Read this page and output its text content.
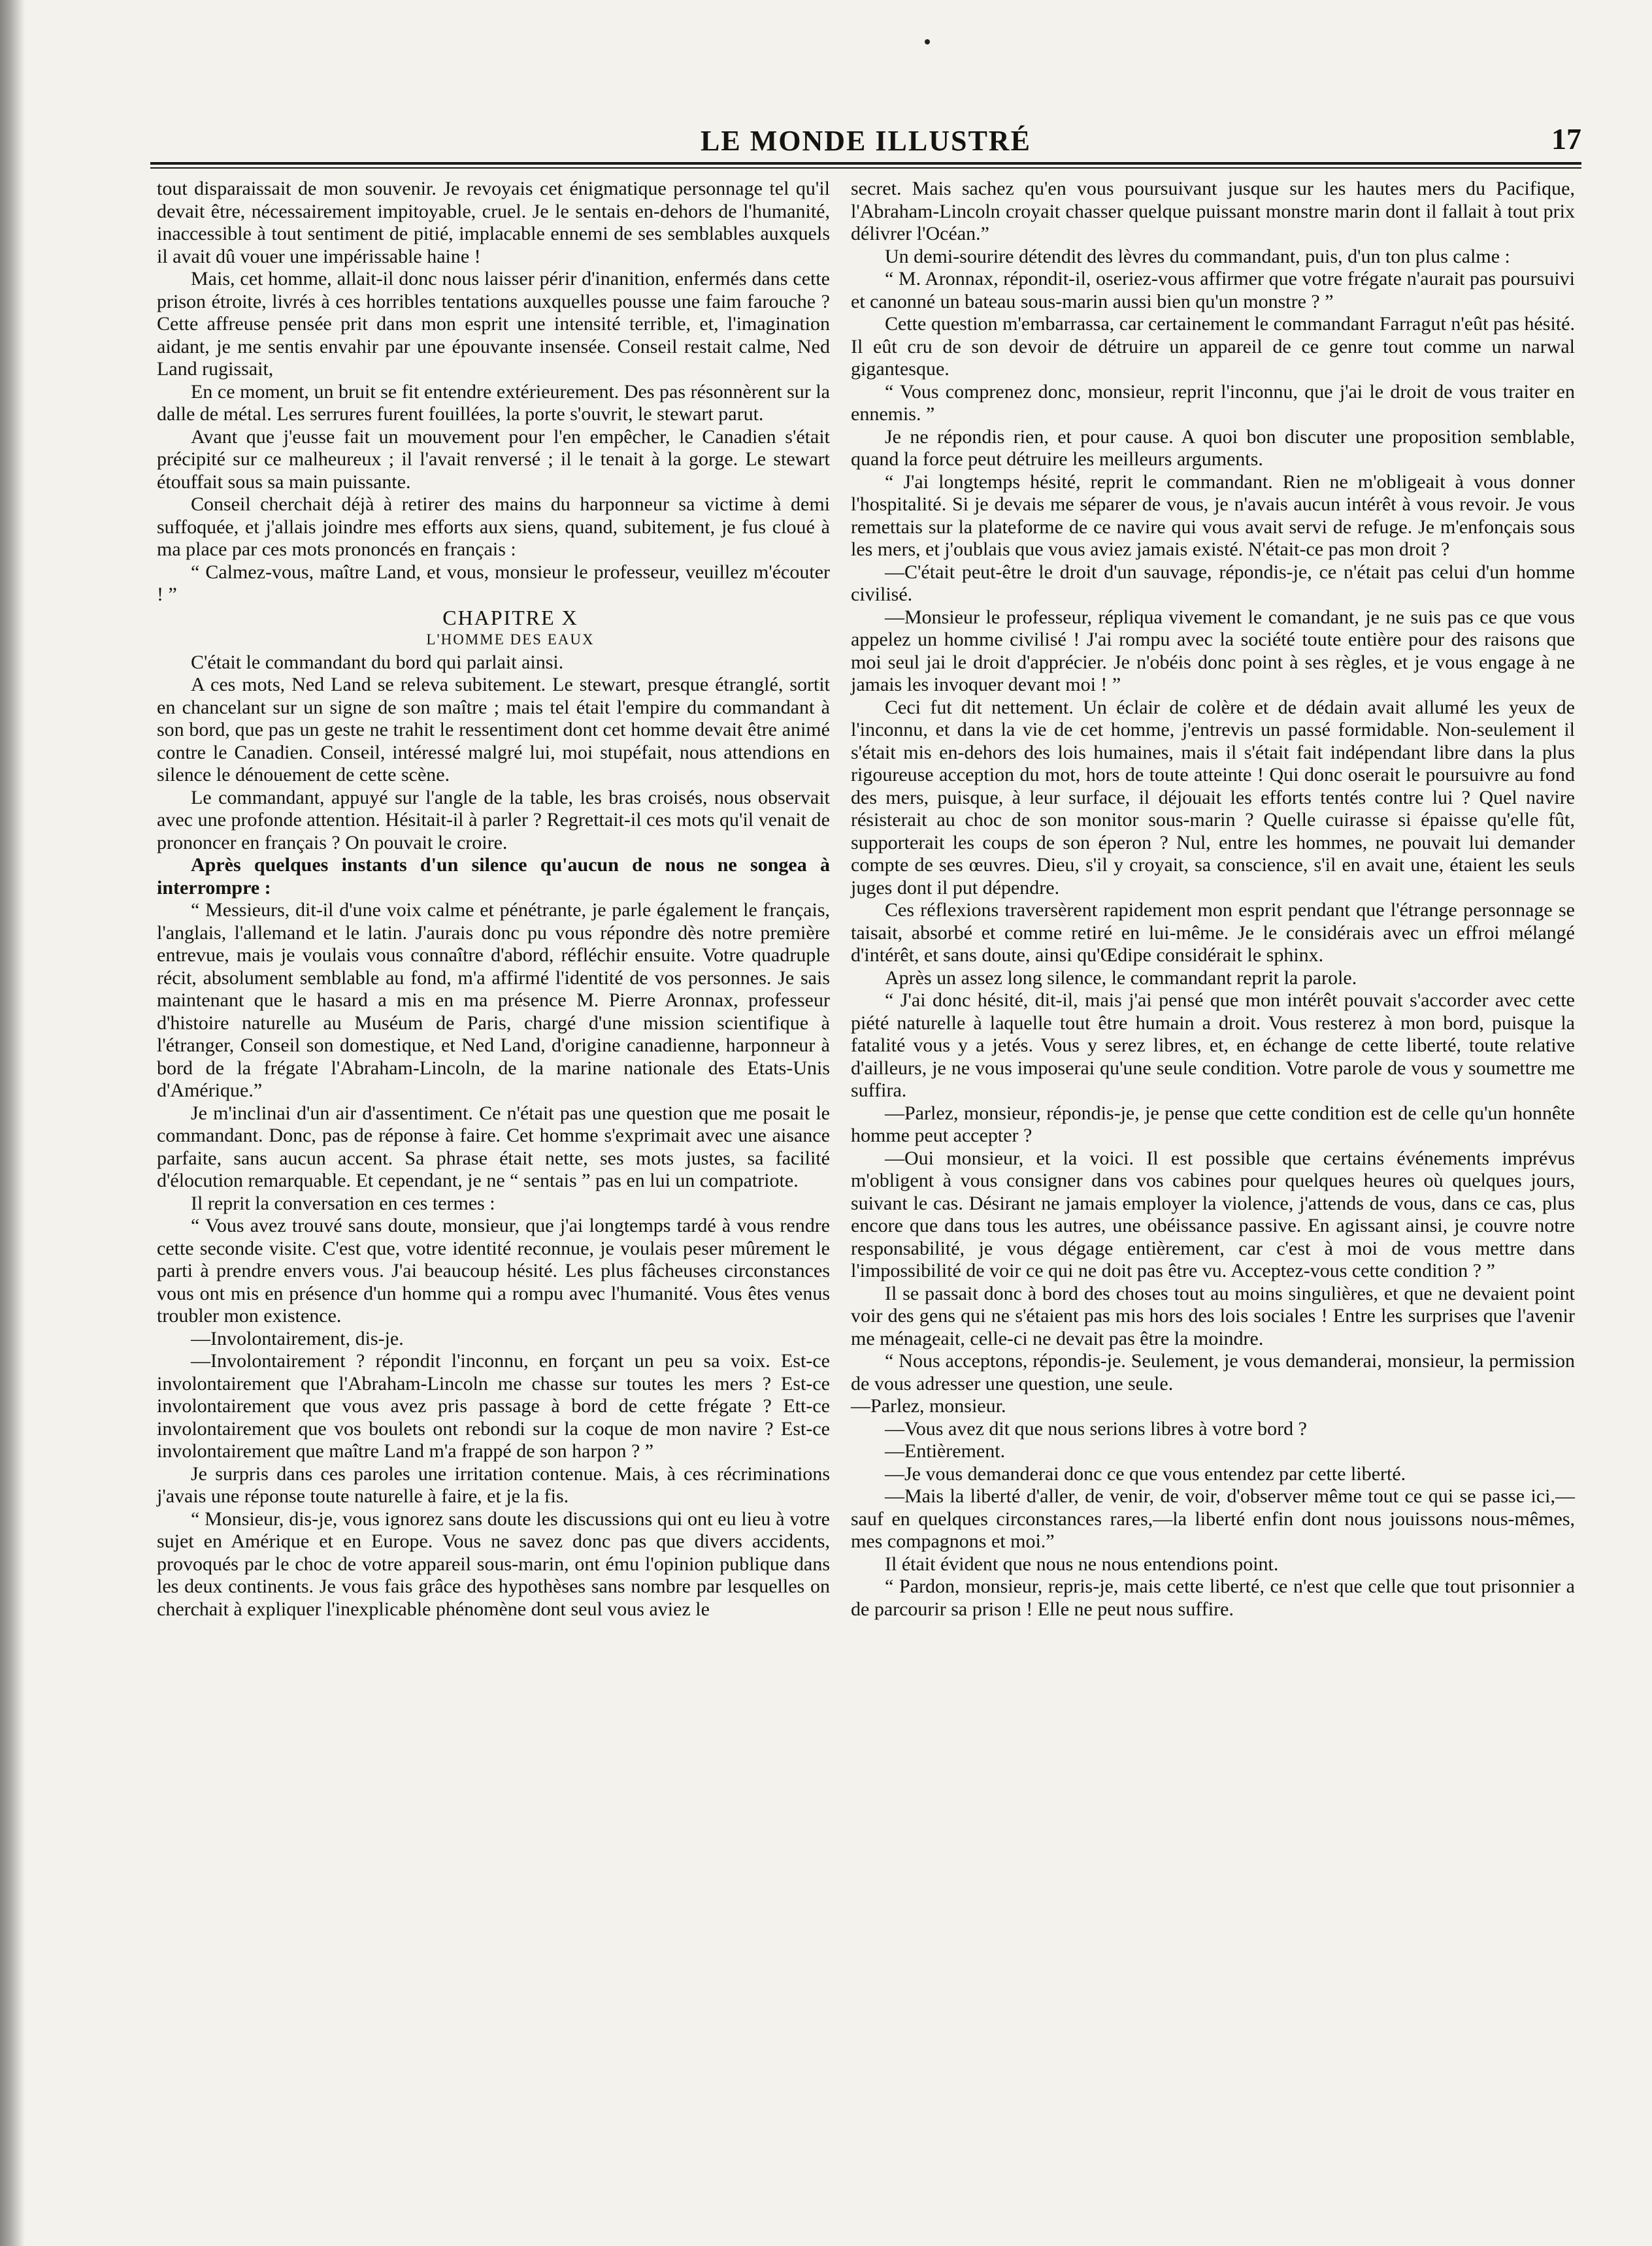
LE MONDE ILLUSTRÉ	17

tout disparaissait de mon souvenir. Je revoyais cet énigmatique personnage tel qu'il devait être, nécessairement impitoyable, cruel. Je le sentais en-dehors de l'humanité, inaccessible à tout sentiment de pitié, implacable ennemi de ses semblables auxquels il avait dû vouer une impérissable haine !

Mais, cet homme, allait-il donc nous laisser périr d'inanition, enfermés dans cette prison étroite, livrés à ces horribles tentations auxquelles pousse une faim farouche ? Cette affreuse pensée prit dans mon esprit une intensité terrible, et, l'imagination aidant, je me sentis envahir par une épouvante insensée. Conseil restait calme, Ned Land rugissait,

En ce moment, un bruit se fit entendre extérieurement. Des pas résonnèrent sur la dalle de métal. Les serrures furent fouillées, la porte s'ouvrit, le stewart parut.

Avant que j'eusse fait un mouvement pour l'en empêcher, le Canadien s'était précipité sur ce malheureux ; il l'avait renversé ; il le tenait à la gorge. Le stewart étouffait sous sa main puissante.

Conseil cherchait déjà à retirer des mains du harponneur sa victime à demi suffoquée, et j'allais joindre mes efforts aux siens, quand, subitement, je fus cloué à ma place par ces mots prononcés en français :

“ Calmez-vous, maître Land, et vous, monsieur le professeur, veuillez m'écouter ! ”

CHAPITRE X

L'HOMME DES EAUX

C'était le commandant du bord qui parlait ainsi.

A ces mots, Ned Land se releva subitement. Le stewart, presque étranglé, sortit en chancelant sur un signe de son maître ; mais tel était l'empire du commandant à son bord, que pas un geste ne trahit le ressentiment dont cet homme devait être animé contre le Canadien. Conseil, intéressé malgré lui, moi stupéfait, nous attendions en silence le dénouement de cette scène.

Le commandant, appuyé sur l'angle de la table, les bras croisés, nous observait avec une profonde attention. Hésitait-il à parler ? Regrettait-il ces mots qu'il venait de prononcer en français ? On pouvait le croire.

Après quelques instants d'un silence qu'aucun de nous ne songea à interrompre :

“ Messieurs, dit-il d'une voix calme et pénétrante, je parle également le français, l'anglais, l'allemand et le latin. J'aurais donc pu vous répondre dès notre première entrevue, mais je voulais vous connaître d'abord, réfléchir ensuite. Votre quadruple récit, absolument semblable au fond, m'a affirmé l'identité de vos personnes. Je sais maintenant que le hasard a mis en ma présence M. Pierre Aronnax, professeur d'histoire naturelle au Muséum de Paris, chargé d'une mission scientifique à l'étranger, Conseil son domestique, et Ned Land, d'origine canadienne, harponneur à bord de la frégate l'Abraham-Lincoln, de la marine nationale des Etats-Unis d'Amérique.”

Je m'inclinai d'un air d'assentiment. Ce n'était pas une question que me posait le commandant. Donc, pas de réponse à faire. Cet homme s'exprimait avec une aisance parfaite, sans aucun accent. Sa phrase était nette, ses mots justes, sa facilité d'élocution remarquable. Et cependant, je ne “ sentais ” pas en lui un compatriote.

Il reprit la conversation en ces termes :

“ Vous avez trouvé sans doute, monsieur, que j'ai longtemps tardé à vous rendre cette seconde visite. C'est que, votre identité reconnue, je voulais peser mûrement le parti à prendre envers vous. J'ai beaucoup hésité. Les plus fâcheuses circonstances vous ont mis en présence d'un homme qui a rompu avec l'humanité. Vous êtes venus troubler mon existence.

—Involontairement, dis-je.

—Involontairement ? répondit l'inconnu, en forçant un peu sa voix. Est-ce involontairement que l'Abraham-Lincoln me chasse sur toutes les mers ? Est-ce involontairement que vous avez pris passage à bord de cette frégate ? Ett-ce involontairement que vos boulets ont rebondi sur la coque de mon navire ? Est-ce involontairement que maître Land m'a frappé de son harpon ? ”

Je surpris dans ces paroles une irritation contenue. Mais, à ces récriminations j'avais une réponse toute naturelle à faire, et je la fis.

“ Monsieur, dis-je, vous ignorez sans doute les discussions qui ont eu lieu à votre sujet en Amérique et en Europe. Vous ne savez donc pas que divers accidents, provoqués par le choc de votre appareil sous-marin, ont ému l'opinion publique dans les deux continents. Je vous fais grâce des hypothèses sans nombre par lesquelles on cherchait à expliquer l'inexplicable phénomène dont seul vous aviez le

secret. Mais sachez qu'en vous poursuivant jusque sur les hautes mers du Pacifique, l'Abraham-Lincoln croyait chasser quelque puissant monstre marin dont il fallait à tout prix délivrer l'Océan.”

Un demi-sourire détendit des lèvres du commandant, puis, d'un ton plus calme :

“ M. Aronnax, répondit-il, oseriez-vous affirmer que votre frégate n'aurait pas poursuivi et canonné un bateau sous-marin aussi bien qu'un monstre ? ”

Cette question m'embarrassa, car certainement le commandant Farragut n'eût pas hésité. Il eût cru de son devoir de détruire un appareil de ce genre tout comme un narwal gigantesque.

“ Vous comprenez donc, monsieur, reprit l'inconnu, que j'ai le droit de vous traiter en ennemis. ”

Je ne répondis rien, et pour cause. A quoi bon discuter une proposition semblable, quand la force peut détruire les meilleurs arguments.

“ J'ai longtemps hésité, reprit le commandant. Rien ne m'obligeait à vous donner l'hospitalité. Si je devais me séparer de vous, je n'avais aucun intérêt à vous revoir. Je vous remettais sur la plateforme de ce navire qui vous avait servi de refuge. Je m'enfonçais sous les mers, et j'oublais que vous aviez jamais existé. N'était-ce pas mon droit ?

—C'était peut-être le droit d'un sauvage, répondis-je, ce n'était pas celui d'un homme civilisé.

—Monsieur le professeur, répliqua vivement le comandant, je ne suis pas ce que vous appelez un homme civilisé ! J'ai rompu avec la société toute entière pour des raisons que moi seul jai le droit d'apprécier. Je n'obéis donc point à ses règles, et je vous engage à ne jamais les invoquer devant moi ! ”

Ceci fut dit nettement. Un éclair de colère et de dédain avait allumé les yeux de l'inconnu, et dans la vie de cet homme, j'entrevis un passé formidable. Non-seulement il s'était mis en-dehors des lois humaines, mais il s'était fait indépendant libre dans la plus rigoureuse acception du mot, hors de toute atteinte ! Qui donc oserait le poursuivre au fond des mers, puisque, à leur surface, il déjouait les efforts tentés contre lui ? Quel navire résisterait au choc de son monitor sous-marin ? Quelle cuirasse si épaisse qu'elle fût, supporterait les coups de son éperon ? Nul, entre les hommes, ne pouvait lui demander compte de ses œuvres. Dieu, s'il y croyait, sa conscience, s'il en avait une, étaient les seuls juges dont il put dépendre.

Ces réflexions traversèrent rapidement mon esprit pendant que l'étrange personnage se taisait, absorbé et comme retiré en lui-même. Je le considérais avec un effroi mélangé d'intérêt, et sans doute, ainsi qu'Œdipe considérait le sphinx.

Après un assez long silence, le commandant reprit la parole.

“ J'ai donc hésité, dit-il, mais j'ai pensé que mon intérêt pouvait s'accorder avec cette piété naturelle à laquelle tout être humain a droit. Vous resterez à mon bord, puisque la fatalité vous y a jetés. Vous y serez libres, et, en échange de cette liberté, toute relative d'ailleurs, je ne vous imposerai qu'une seule condition. Votre parole de vous y soumettre me suffira.

—Parlez, monsieur, répondis-je, je pense que cette condition est de celle qu'un honnête homme peut accepter ?

—Oui monsieur, et la voici. Il est possible que certains événements imprévus m'obligent à vous consigner dans vos cabines pour quelques heures où quelques jours, suivant le cas. Désirant ne jamais employer la violence, j'attends de vous, dans ce cas, plus encore que dans tous les autres, une obéissance passive. En agissant ainsi, je couvre notre responsabilité, je vous dégage entièrement, car c'est à moi de vous mettre dans l'impossibilité de voir ce qui ne doit pas être vu. Acceptez-vous cette condition ? ”

Il se passait donc à bord des choses tout au moins singulières, et que ne devaient point voir des gens qui ne s'étaient pas mis hors des lois sociales ! Entre les surprises que l'avenir me ménageait, celle-ci ne devait pas être la moindre.

“ Nous acceptons, répondis-je. Seulement, je vous demanderai, monsieur, la permission de vous adresser une question, une seule.

—Parlez, monsieur.

—Vous avez dit que nous serions libres à votre bord ?

—Entièrement.

—Je vous demanderai donc ce que vous entendez par cette liberté.

—Mais la liberté d'aller, de venir, de voir, d'observer même tout ce qui se passe ici,—sauf en quelques circonstances rares,—la liberté enfin dont nous jouissons nous-mêmes, mes compagnons et moi.”

Il était évident que nous ne nous entendions point.

“ Pardon, monsieur, repris-je, mais cette liberté, ce n'est que celle que tout prisonnier a de parcourir sa prison ! Elle ne peut nous suffire.
